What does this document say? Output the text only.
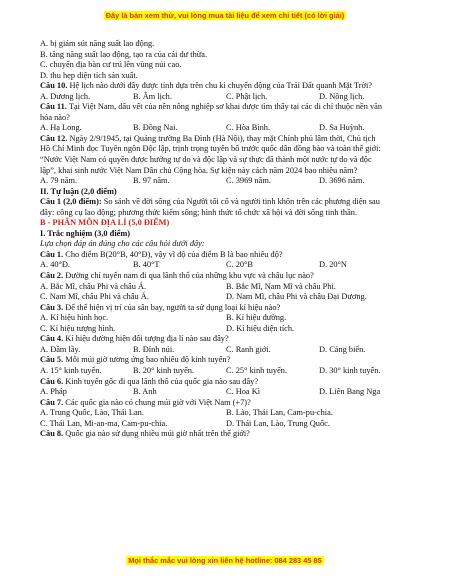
Đây là bản xem thử, vui lòng mua tài liệu để xem chi tiết (có lời giải)
A. bị giảm sút năng suất lao động.
B. tăng năng suất lao động, tạo ra của cải dư thừa.
C. chuyển địa bàn cư trú lên vùng núi cao.
D. thu hẹp diện tích sản xuất.
Câu 10. Hệ lịch nào dưới đây được tính dựa trên chu kì chuyển động của Trái Đất quanh Mặt Trời?
A. Dương lịch.	B. Âm lịch.	C. Phật lịch.	D. Nông lịch.
Câu 11. Tại Việt Nam, dấu vết của nền nông nghiệp sơ khai được tìm thấy tại các di chỉ thuộc nền văn
hóa nào?
A. Hạ Long.	B. Đồng Nai.	C. Hòa Bình.	D. Sa Huỳnh.
Câu 12. Ngày 2/9/1945, tại Quảng trường Ba Đình (Hà Nội), thay mặt Chính phủ lâm thời, Chủ tịch
Hồ Chí Minh đọc Tuyên ngôn Độc lập, trịnh trọng tuyên bố trước quốc dân đồng bào và toàn thế giới:
“Nước Việt Nam có quyền được hưởng tự do và độc lập và sự thực đã thành một nước tự do và độc
lập”, khai sinh nước Việt Nam Dân chủ Cộng hòa. Sự kiện này cách năm 2024 bao nhiêu năm?
A. 79 năm.	B. 97 năm.	C. 3969 năm.	D. 3696 năm.
II. Tự luận (2,0 điểm)
Câu 1 (2,0 điểm): So sánh về đời sống của Người tối cổ và người tinh khôn trên các phương diện sau
đây: công cụ lao động; phương thức kiếm sống; hình thức tổ chức xã hội và đời sống tinh thần.
B - PHÂN MÔN ĐỊA LÍ (5,0 ĐIỂM)
I. Trắc nghiệm (3,0 điểm)
Lựa chọn đáp án đúng cho các câu hỏi dưới đây:
Câu 1. Cho điểm B(20°B, 40°Đ), vậy vĩ độ của điểm B là bao nhiêu độ?
A. 40°Đ.	B. 40°T	C. 20°B	D. 20°N
Câu 2. Đường chí tuyến nam đi qua lãnh thổ của những khu vực và châu lục nào?
A. Bắc Mĩ, châu Phi và châu Á.	B. Bắc Mĩ, Nam Mĩ và châu Phi.
C. Nam Mĩ, châu Phi và châu Á.	D. Nam Mĩ, châu Phi và châu Đại Dương.
Câu 3. Để thể hiện vị trí của sân bay, người ta sử dụng loại kí hiệu nào?
A. Kí hiệu hình học.	B. Kí hiệu đường.
C. Kí hiệu tượng hình.	D. Kí hiệu diện tích.
Câu 4. Kí hiệu đường hiện đối tượng địa lí nào sau đây?
A. Đầm lầy.	B. Đỉnh núi.	C. Ranh giới.	D. Cảng biển.
Câu 5. Mỗi múi giờ tương ứng bao nhiêu độ kinh tuyến?
A. 15° kinh tuyến.	B. 20° kinh tuyến.	C. 25° kinh tuyến.	D. 30° kinh tuyến.
Câu 6. Kinh tuyến gốc đi qua lãnh thổ của quốc gia nào sau đây?
A. Pháp	B. Anh	C. Hoa Kì	D. Liên Bang Nga
Câu 7. Các quốc gia nào có chung múi giờ với Việt Nam (+7)?
A. Trung Quốc, Lào, Thái Lan.	B. Lào, Thái Lan, Cam-pu-chia.
C. Thái Lan, Mi-an-ma, Cam-pu-chia.	D. Thái Lan, Lào, Trung Quốc.
Câu 8. Quốc gia nào sử dụng nhiều múi giờ nhất trên thế giới?
Mọi thắc mắc vui lòng xin liên hệ hotline: 084 283 45 85
